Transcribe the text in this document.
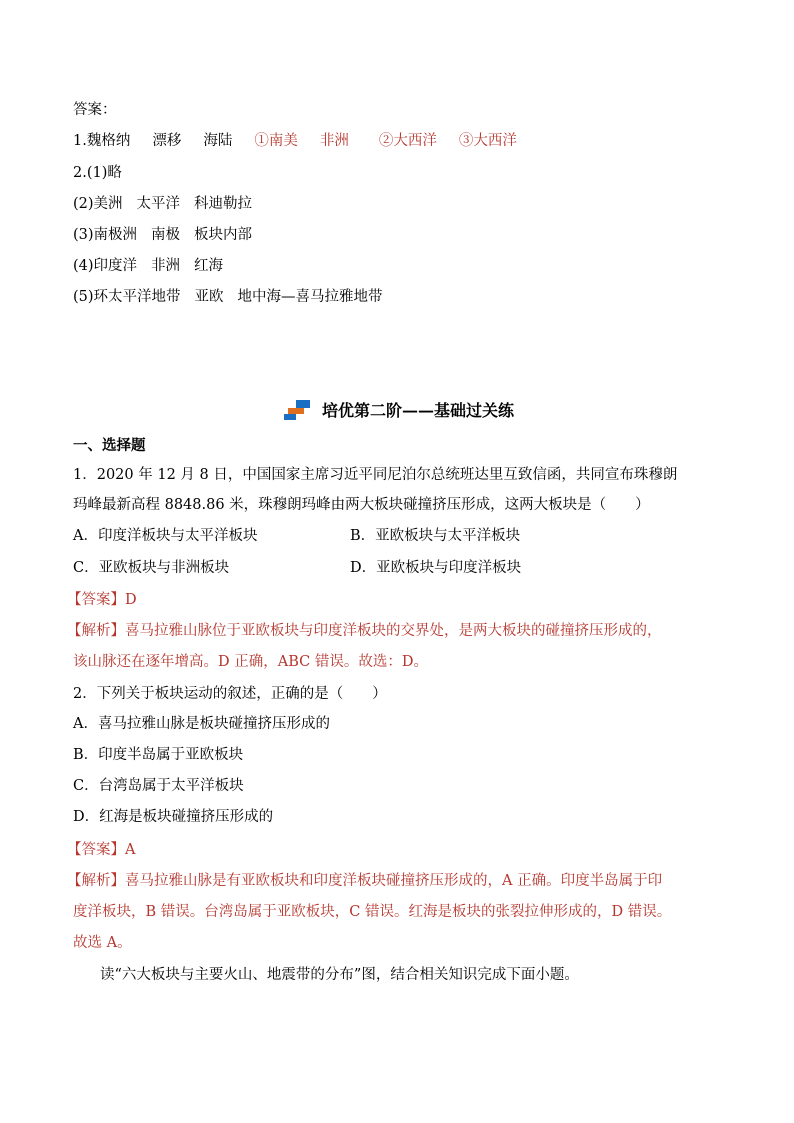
答案：
1.魏格纳 漂移 海陆 ①南美 非洲 ②大西洋 ③大西洋
2.(1)略
(2)美洲 太平洋 科迪勒拉
(3)南极洲 南极 板块内部
(4)印度洋 非洲 红海
(5)环太平洋地带 亚欧 地中海—喜马拉雅地带
培优第二阶——基础过关练
一、选择题
1．2020 年 12 月 8 日，中国国家主席习近平同尼泊尔总统班达里互致信函，共同宣布珠穆朗
玛峰最新高程 8848.86 米，珠穆朗玛峰由两大板块碰撞挤压形成，这两大板块是（　　）
A．印度洋板块与太平洋板块	B．亚欧板块与太平洋板块
C．亚欧板块与非洲板块	D．亚欧板块与印度洋板块
【答案】D
【解析】喜马拉雅山脉位于亚欧板块与印度洋板块的交界处，是两大板块的碰撞挤压形成的，
该山脉还在逐年增高。D 正确，ABC 错误。故选：D。
2．下列关于板块运动的叙述，正确的是（　　）
A．喜马拉雅山脉是板块碰撞挤压形成的
B．印度半岛属于亚欧板块
C．台湾岛属于太平洋板块
D．红海是板块碰撞挤压形成的
【答案】A
【解析】喜马拉雅山脉是有亚欧板块和印度洋板块碰撞挤压形成的，A 正确。印度半岛属于印
度洋板块，B 错误。台湾岛属于亚欧板块，C 错误。红海是板块的张裂拉伸形成的，D 错误。
故选 A。
读“六大板块与主要火山、地震带的分布”图，结合相关知识完成下面小题。
